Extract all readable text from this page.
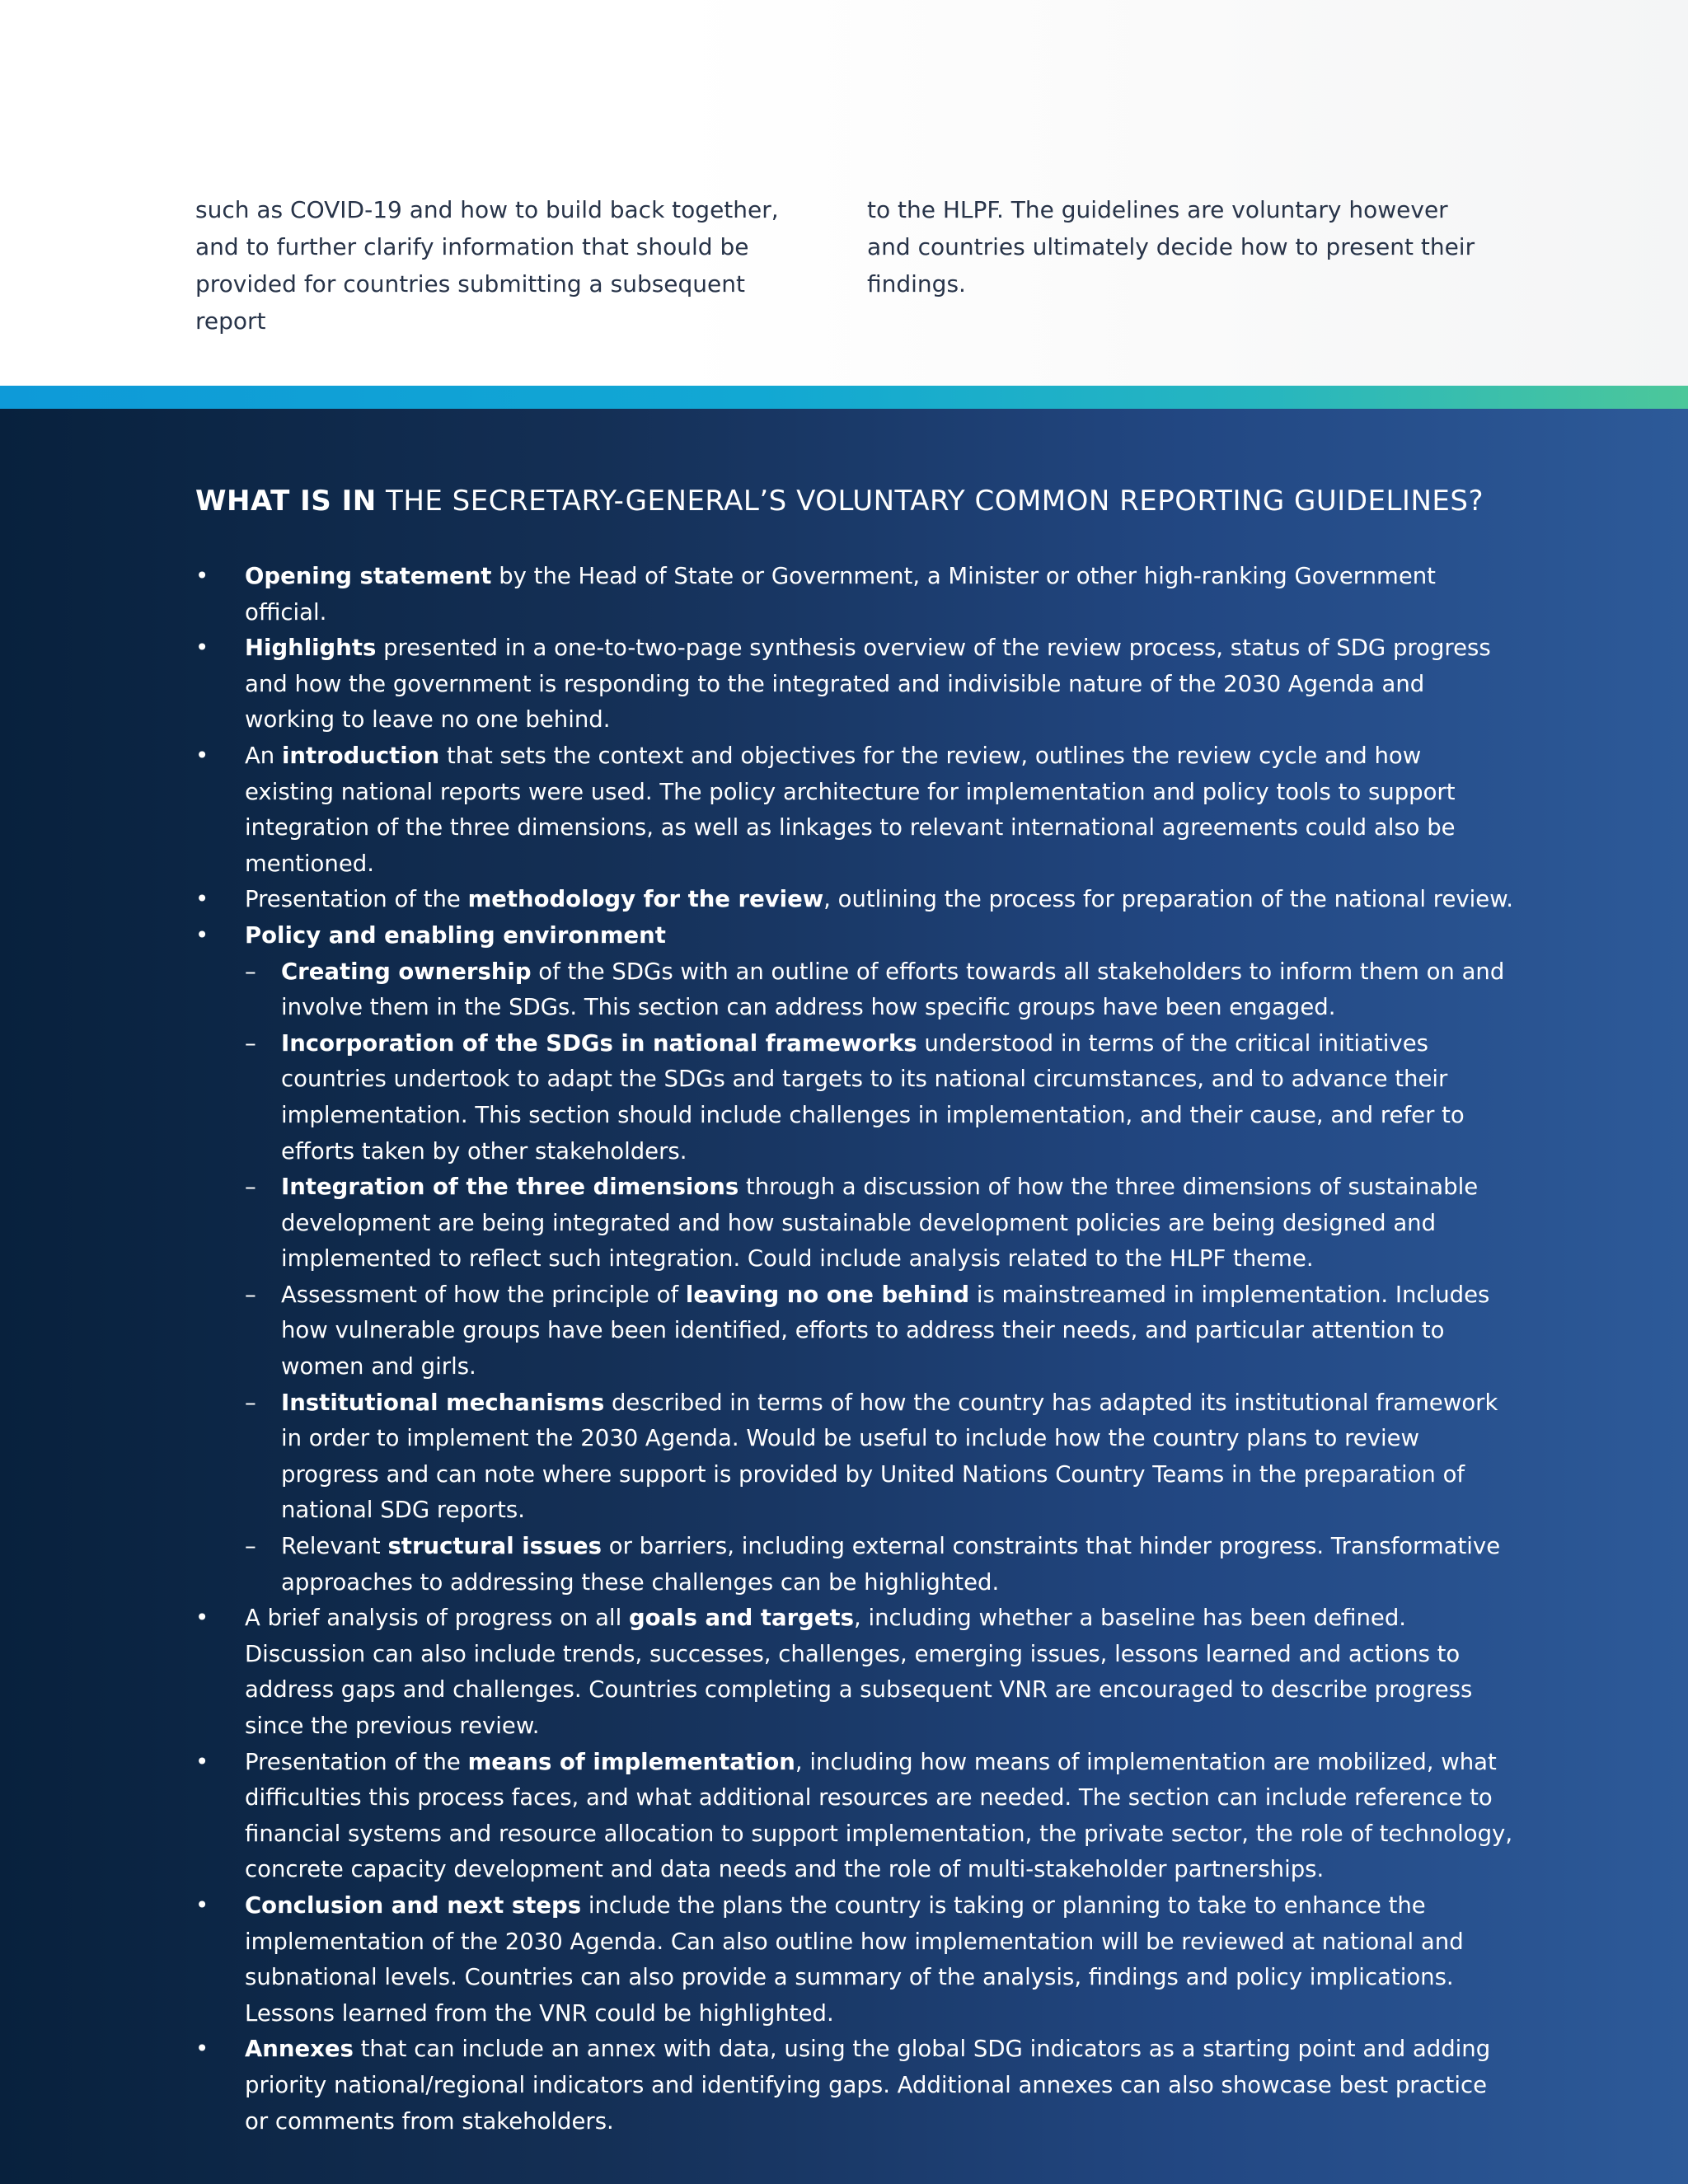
such as COVID-19 and how to build back together, and to further clarify information that should be provided for countries submitting a subsequent report
to the HLPF. The guidelines are voluntary however and countries ultimately decide how to present their findings.
WHAT IS IN THE SECRETARY-GENERAL’S VOLUNTARY COMMON REPORTING GUIDELINES?
• Opening statement by the Head of State or Government, a Minister or other high-ranking Government official.
• Highlights presented in a one-to-two-page synthesis overview of the review process, status of SDG progress and how the government is responding to the integrated and indivisible nature of the 2030 Agenda and working to leave no one behind.
• An introduction that sets the context and objectives for the review, outlines the review cycle and how existing national reports were used. The policy architecture for implementation and policy tools to support integration of the three dimensions, as well as linkages to relevant international agreements could also be mentioned.
• Presentation of the methodology for the review, outlining the process for preparation of the national review.
• Policy and enabling environment
– Creating ownership of the SDGs with an outline of efforts towards all stakeholders to inform them on and involve them in the SDGs. This section can address how specific groups have been engaged.
– Incorporation of the SDGs in national frameworks understood in terms of the critical initiatives countries undertook to adapt the SDGs and targets to its national circumstances, and to advance their implementation. This section should include challenges in implementation, and their cause, and refer to efforts taken by other stakeholders.
– Integration of the three dimensions through a discussion of how the three dimensions of sustainable development are being integrated and how sustainable development policies are being designed and implemented to reflect such integration. Could include analysis related to the HLPF theme.
– Assessment of how the principle of leaving no one behind is mainstreamed in implementation. Includes how vulnerable groups have been identified, efforts to address their needs, and particular attention to women and girls.
– Institutional mechanisms described in terms of how the country has adapted its institutional framework in order to implement the 2030 Agenda. Would be useful to include how the country plans to review progress and can note where support is provided by United Nations Country Teams in the preparation of national SDG reports.
– Relevant structural issues or barriers, including external constraints that hinder progress. Transformative approaches to addressing these challenges can be highlighted.
• A brief analysis of progress on all goals and targets, including whether a baseline has been defined. Discussion can also include trends, successes, challenges, emerging issues, lessons learned and actions to address gaps and challenges. Countries completing a subsequent VNR are encouraged to describe progress since the previous review.
• Presentation of the means of implementation, including how means of implementation are mobilized, what difficulties this process faces, and what additional resources are needed. The section can include reference to financial systems and resource allocation to support implementation, the private sector, the role of technology, concrete capacity development and data needs and the role of multi-stakeholder partnerships.
• Conclusion and next steps include the plans the country is taking or planning to take to enhance the implementation of the 2030 Agenda. Can also outline how implementation will be reviewed at national and subnational levels. Countries can also provide a summary of the analysis, findings and policy implications. Lessons learned from the VNR could be highlighted.
• Annexes that can include an annex with data, using the global SDG indicators as a starting point and adding priority national/regional indicators and identifying gaps. Additional annexes can also showcase best practice or comments from stakeholders.
